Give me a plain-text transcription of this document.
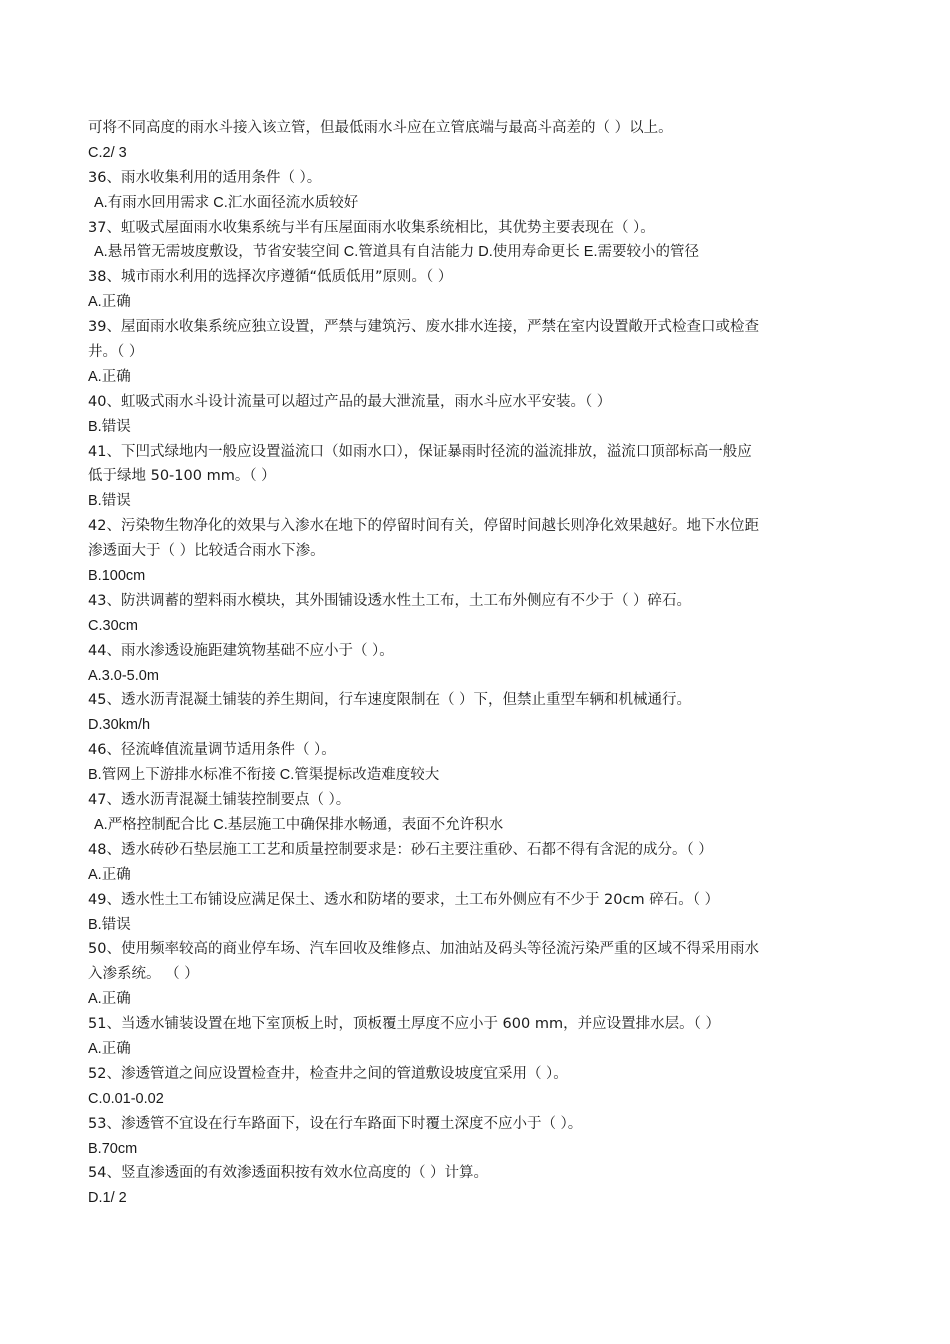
可将不同高度的雨水斗接入该立管，但最低雨水斗应在立管底端与最高斗高差的（ ）以上。
C.2/ 3
36、雨水收集利用的适用条件（ ）。
A.有雨水回用需求 C.汇水面径流水质较好
37、虹吸式屋面雨水收集系统与半有压屋面雨水收集系统相比，其优势主要表现在（ ）。
A.悬吊管无需坡度敷设，节省安装空间 C.管道具有自洁能力 D.使用寿命更长 E.需要较小的管径
38、城市雨水利用的选择次序遵循“低质低用”原则。（ ）
A.正确
39、屋面雨水收集系统应独立设置，严禁与建筑污、废水排水连接，严禁在室内设置敞开式检查口或检查
井。（ ）
A.正确
40、虹吸式雨水斗设计流量可以超过产品的最大泄流量，雨水斗应水平安装。（ ）
B.错误
41、下凹式绿地内一般应设置溢流口（如雨水口），保证暴雨时径流的溢流排放，溢流口顶部标高一般应
低于绿地 50-100 mm。（ ）
B.错误
42、污染物生物净化的效果与入渗水在地下的停留时间有关，停留时间越长则净化效果越好。地下水位距
渗透面大于（ ）比较适合雨水下渗。
B.100cm
43、防洪调蓄的塑料雨水模块，其外围铺设透水性土工布，土工布外侧应有不少于（ ）碎石。
C.30cm
44、雨水渗透设施距建筑物基础不应小于（ ）。
A.3.0-5.0m
45、透水沥青混凝土铺装的养生期间，行车速度限制在（ ）下，但禁止重型车辆和机械通行。
D.30km/h
46、径流峰值流量调节适用条件（ ）。
B.管网上下游排水标准不衔接 C.管渠提标改造难度较大
47、透水沥青混凝土铺装控制要点（ ）。
A.严格控制配合比 C.基层施工中确保排水畅通，表面不允许积水
48、透水砖砂石垫层施工工艺和质量控制要求是：砂石主要注重砂、石都不得有含泥的成分。（ ）
A.正确
49、透水性土工布铺设应满足保土、透水和防堵的要求，土工布外侧应有不少于 20cm 碎石。（ ）
B.错误
50、使用频率较高的商业停车场、汽车回收及维修点、加油站及码头等径流污染严重的区域不得采用雨水
入渗系统。 （ ）
A.正确
51、当透水铺装设置在地下室顶板上时，顶板覆土厚度不应小于 600 mm，并应设置排水层。（ ）
A.正确
52、渗透管道之间应设置检查井，检查井之间的管道敷设坡度宜采用（ ）。
C.0.01-0.02
53、渗透管不宜设在行车路面下，设在行车路面下时覆土深度不应小于（ ）。
B.70cm
54、竖直渗透面的有效渗透面积按有效水位高度的（ ）计算。
D.1/ 2
